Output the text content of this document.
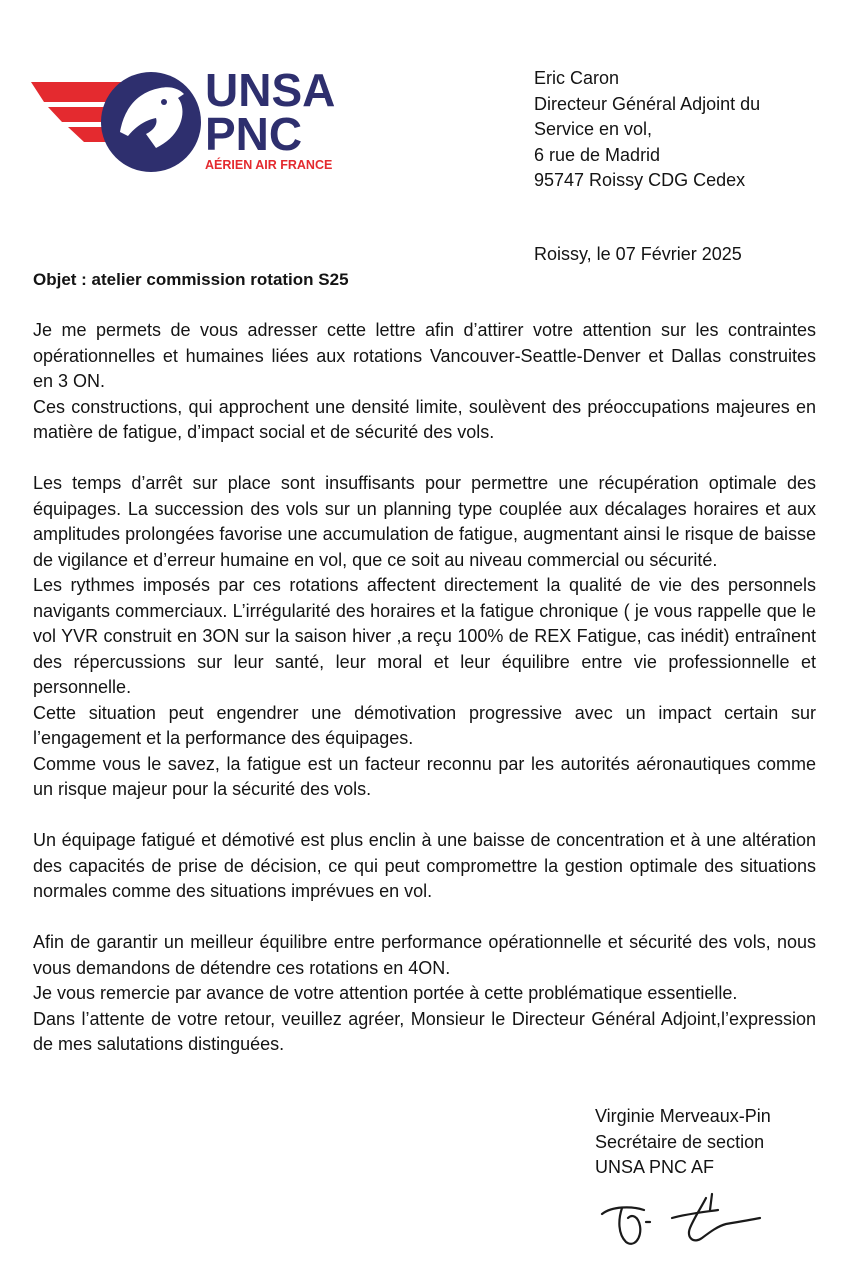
UNSA
PNC
AÉRIEN AIR FRANCE
Eric Caron
Directeur Général Adjoint du
Service en vol,
6 rue de Madrid
95747 Roissy CDG Cedex
Roissy, le 07 Février 2025
Objet : atelier commission rotation S25

Je me permets de vous adresser cette lettre afin d’attirer votre attention sur les contraintes opérationnelles et humaines liées aux rotations Vancouver-Seattle-Denver et Dallas construites en 3 ON.

Ces constructions, qui approchent une densité limite, soulèvent des préoccupations majeures en matière de fatigue, d’impact social et de sécurité des vols.

Les temps d’arrêt sur place sont insuffisants pour permettre une récupération optimale des équipages. La succession des vols sur un planning type couplée aux décalages horaires et aux amplitudes prolongées favorise une accumulation de fatigue, augmentant ainsi le risque de baisse de vigilance et d’erreur humaine en vol, que ce soit au niveau commercial ou sécurité.

Les rythmes imposés par ces rotations affectent directement la qualité de vie des personnels navigants commerciaux. L’irrégularité des horaires et la fatigue chronique ( je vous rappelle que le vol YVR construit en 3ON sur la saison hiver ,a reçu 100% de REX Fatigue, cas inédit) entraînent des répercussions sur leur santé, leur moral et leur équilibre entre vie professionnelle et personnelle.

Cette situation peut engendrer une démotivation progressive avec un impact certain sur l’engagement et la performance des équipages.

Comme vous le savez, la fatigue est un facteur reconnu par les autorités aéronautiques comme un risque majeur pour la sécurité des vols.

Un équipage fatigué et démotivé est plus enclin à une baisse de concentration et à une altération des capacités de prise de décision, ce qui peut compromettre la gestion optimale des situations normales comme des situations imprévues en vol.

Afin de garantir un meilleur équilibre entre performance opérationnelle et sécurité des vols, nous vous demandons de détendre ces rotations en 4ON.

Je vous remercie par avance de votre attention portée à cette problématique essentielle.

Dans l’attente de votre retour, veuillez agréer, Monsieur le Directeur Général Adjoint,l’expression de mes salutations distinguées.

Virginie Merveaux-Pin
Secrétaire de section
UNSA PNC AF
